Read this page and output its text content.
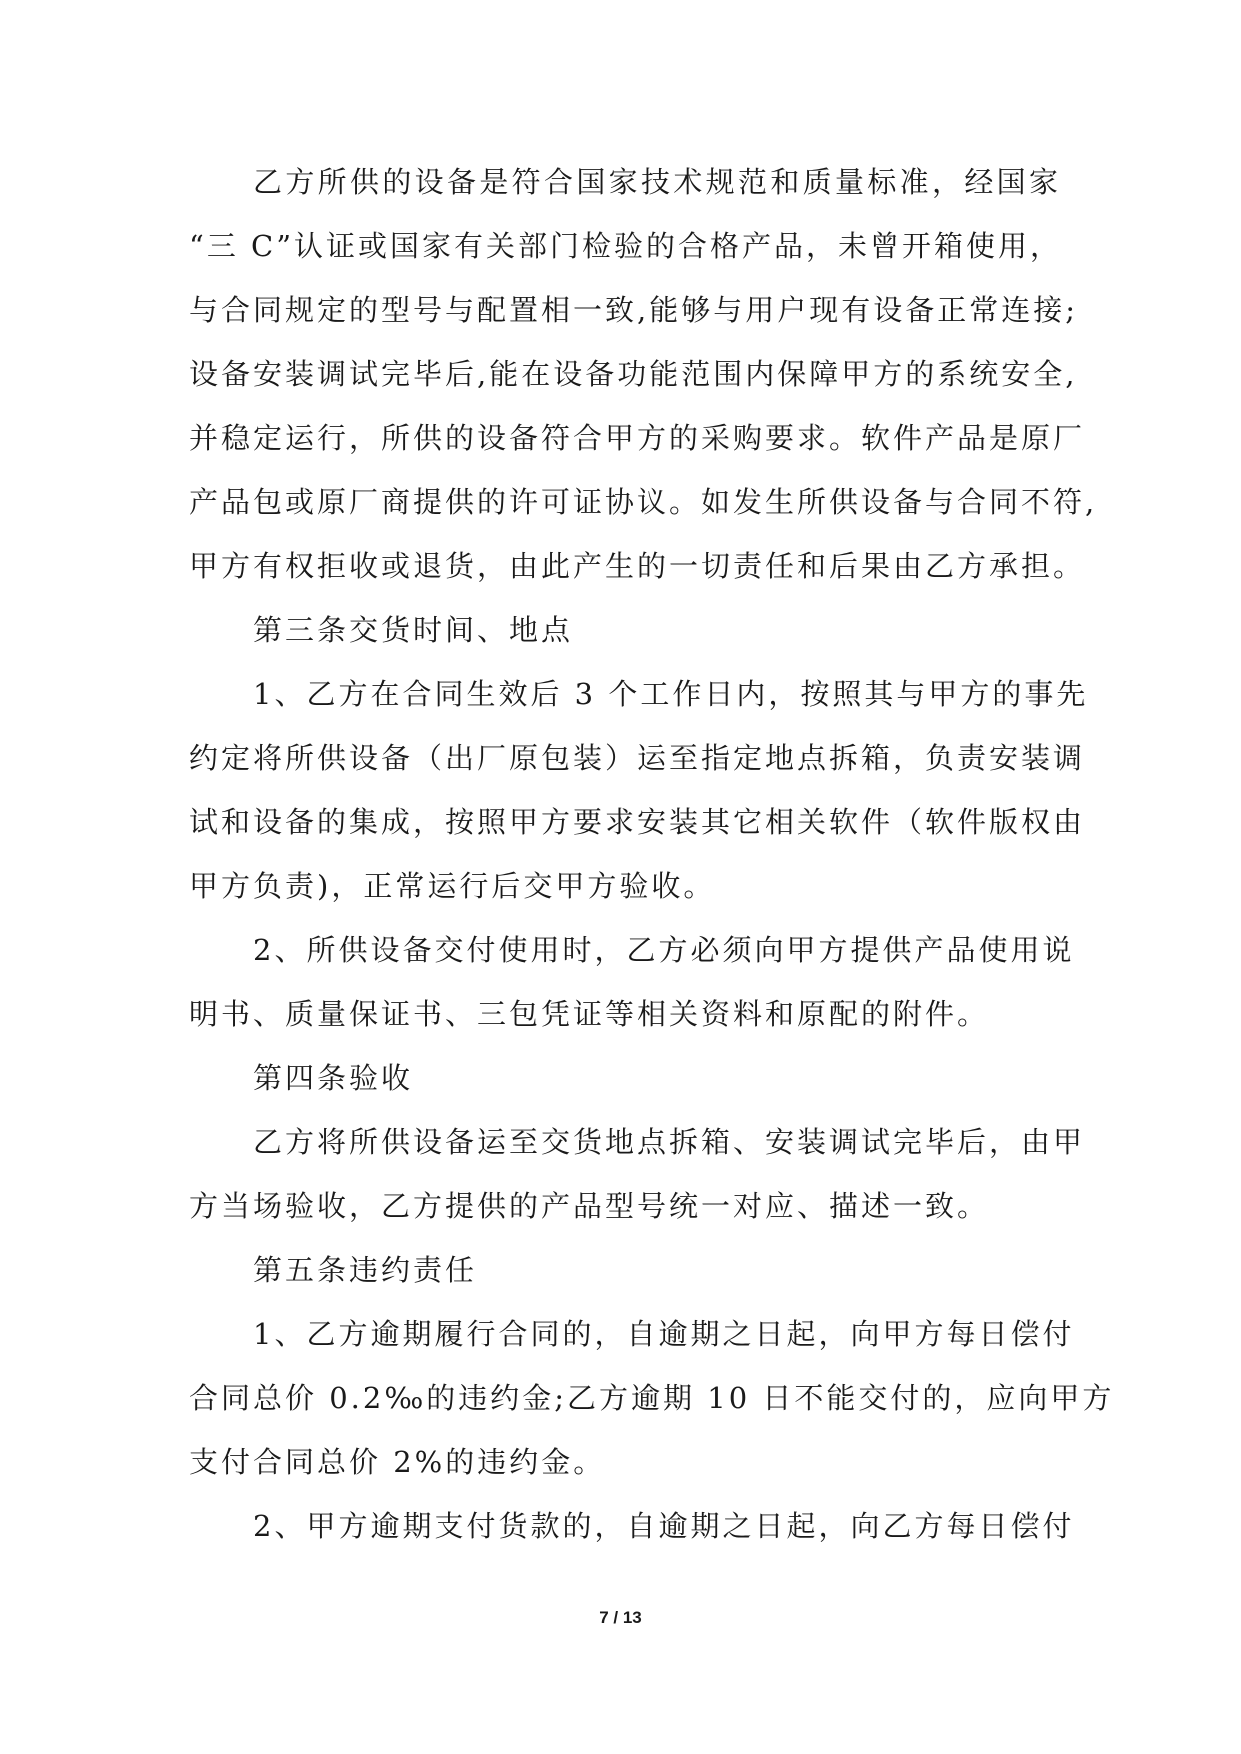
乙方所供的设备是符合国家技术规范和质量标准，经国家
“三 C”认证或国家有关部门检验的合格产品，未曾开箱使用，
与合同规定的型号与配置相一致,能够与用户现有设备正常连接;
设备安装调试完毕后,能在设备功能范围内保障甲方的系统安全,
并稳定运行，所供的设备符合甲方的采购要求。软件产品是原厂
产品包或原厂商提供的许可证协议。如发生所供设备与合同不符,
甲方有权拒收或退货，由此产生的一切责任和后果由乙方承担。
第三条交货时间、地点
1、乙方在合同生效后 3 个工作日内，按照其与甲方的事先
约定将所供设备（出厂原包装）运至指定地点拆箱，负责安装调
试和设备的集成，按照甲方要求安装其它相关软件（软件版权由
甲方负责)，正常运行后交甲方验收。
2、所供设备交付使用时，乙方必须向甲方提供产品使用说
明书、质量保证书、三包凭证等相关资料和原配的附件。
第四条验收
乙方将所供设备运至交货地点拆箱、安装调试完毕后，由甲
方当场验收，乙方提供的产品型号统一对应、描述一致。
第五条违约责任
1、乙方逾期履行合同的，自逾期之日起，向甲方每日偿付
合同总价 0.2‰的违约金;乙方逾期 10 日不能交付的，应向甲方
支付合同总价 2%的违约金。
2、甲方逾期支付货款的，自逾期之日起，向乙方每日偿付
7 / 13
